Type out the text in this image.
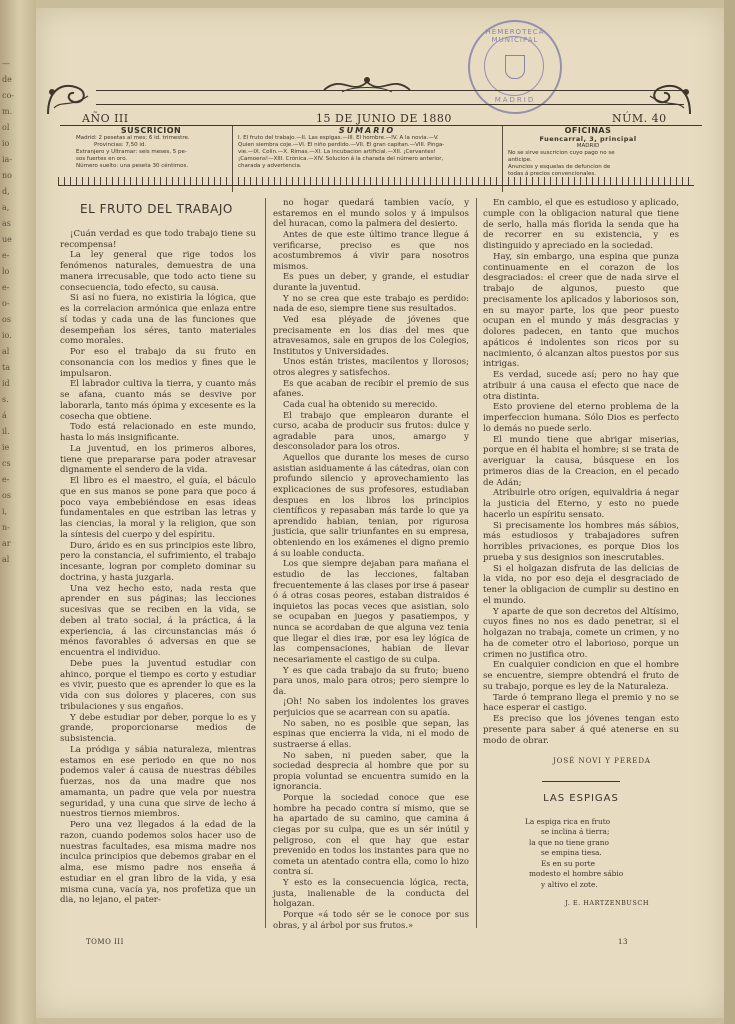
—
de
co-
m.
ol
io
ia-
no
d,
a,
as
ue
e-
lo
e-
o-
os
io.
al
ta
id
s.
á
il.
ie
cs
e-
os
i,
n-
ar
al
HEMEROTECA MUNICIPAL
MADRID
AÑO III	15 DE JUNIO DE 1880	NÚM. 40
SUSCRICION

Madrid: 2 pesetas al mes; 6 id. trimestre.

Provincias: 7,50 id.

Extranjero y Ultramar: seis meses, 5 pe-

sos fuertes en oro.

Número suelto: una peseta 30 céntimos.

SUMARIO

I. El fruto del trabajo.—II. Las espigas.—III. El hombre.—IV. A la novia.—V.

Quien siembra coje.—VI. El niño perdido.—VII. El gran capitan.—VIII. Pinga-

vie.—IX. Colin.—X. Rimas.—XI. La incubacion artificial.—XII. ¡Cervantes!

¡Camoens!—XIII. Crónica.—XIV. Solucion á la charada del número anterior,

charada y advertencia.

OFICINAS
Fuencarral, 3, principal

MADRID

No se sirve suscricion cuyo pago no se

anticipe.

Anuncios y esquelas de defuncion de

todas á precios convencionales.

EL FRUTO DEL TRABAJO

¡Cuán verdad es que todo trabajo tiene su recompensa!

La ley general que rige todos los fenómenos naturales, demuestra de una manera irrecusable, que todo acto tiene su consecuencia, todo efecto, su causa.

Si así no fuera, no existiria la lógica, que es la correlacion armónica que enlaza entre sí todas y cada una de las funciones que desempeñan los séres, tanto materiales como morales.

Por eso el trabajo da su fruto en consonancia con los medios y fines que le impulsaron.

El labrador cultiva la tierra, y cuanto más se afana, cuanto más se desvive por laborarla, tanto más ópima y excesente es la cosecha que obtiene.

Todo está relacionado en este mundo, hasta lo más insignificante.

La juventud, en los primeros albores, tiene que prepararse para poder atravesar dignamente el sendero de la vida.

El libro es el maestro, el guía, el báculo que en sus manos se pone para que poco á poco vaya embebiéndose en esas ideas fundamentales en que estriban las letras y las ciencias, la moral y la religion, que son la síntesis del cuerpo y del espíritu.

Duro, árido es en sus principios este libro, pero la constancia, el sufrimiento, el trabajo incesante, logran por completo dominar su doctrina, y hasta juzgarla.

Una vez hecho esto, nada resta que aprender en sus páginas; las lecciones sucesivas que se reciben en la vida, se deben al trato social, á la práctica, á la experiencia, á las circunstancias más ó ménos favorables ó adversas en que se encuentra el individuo.

Debe pues la juventud estudiar con ahinco, porque el tiempo es corto y estudiar es vivir, puesto que es aprender lo que es la vida con sus dolores y placeres, con sus tribulaciones y sus engaños.

Y debe estudiar por deber, porque lo es y grande, proporcionarse medios de subsistencia.

La pródiga y sábia naturaleza, mientras estamos en ese periodo en que no nos podemos valer á causa de nuestras débiles fuerzas, nos da una madre que nos amamanta, un padre que vela por nuestra seguridad, y una cuna que sirve de lecho á nuestros tiernos miembros.

Pero una vez llegados á la edad de la razon, cuando podemos solos hacer uso de nuestras facultades, esa misma madre nos inculca principios que debemos grabar en el alma, ese mismo padre nos enseña á estudiar en el gran libro de la vida, y esa misma cuna, vacía ya, nos profetiza que un dia, no lejano, el pater-

no hogar quedará tambien vacío, y estaremos en el mundo solos y á impulsos del huracan, como la palmera del desierto.

Antes de que este último trance llegue á verificarse, preciso es que nos acostumbremos á vivir para nosotros mismos.

Es pues un deber, y grande, el estudiar durante la juventud.

Y no se crea que este trabajo es perdido: nada de eso, siempre tiene sus resultados.

Ved esa pléyade de jóvenes que precisamente en los dias del mes que atravesamos, sale en grupos de los Colegios, Institutos y Universidades.

Unos están tristes, macilentos y llorosos; otros alegres y satisfechos.

Es que acaban de recibir el premio de sus afanes.

Cada cual ha obtenido su merecido.

El trabajo que emplearon durante el curso, acaba de producir sus frutos: dulce y agradable para unos, amargo y desconsolador para los otros.

Aquellos que durante los meses de curso asistian asiduamente á las cátedras, oian con profundo silencio y aprovechamiento las explicaciones de sus profesores, estudiaban despues en los libros los principios científicos y repasaban más tarde lo que ya aprendido habian, tenian, por rigurosa justicia, que salir triunfantes en su empresa, obteniendo en los exámenes el digno premio á su loable conducta.

Los que siempre dejaban para mañana el estudio de las lecciones, faltaban frecuentemente á las clases por irse á pasear ó á otras cosas peores, estaban distraidos é inquietos las pocas veces que asistian, solo se ocupaban en juegos y pasatiempos, y nunca se acordaban de que alguna vez tenia que llegar el dies iræ, por esa ley lógica de las compensaciones, habian de llevar necesariamente el castigo de su culpa.

Y es que cada trabajo da su fruto; bueno para unos, malo para otros; pero siempre lo da.

¡Oh! No saben los indolentes los graves perjuicios que se acarrean con su apatía.

No saben, no es posible que sepan, las espinas que encierra la vida, ni el modo de sustraerse á ellas.

No saben, ni pueden saber, que la sociedad desprecia al hombre que por su propia voluntad se encuentra sumido en la ignorancia.

Porque la sociedad conoce que ese hombre ha pecado contra sí mismo, que se ha apartado de su camino, que camina á ciegas por su culpa, que es un sér inútil y peligroso, con el que hay que estar prevenido en todos los instantes para que no cometa un atentado contra ella, como lo hizo contra sí.

Y esto es la consecuencia lógica, recta, justa, inalienable de la conducta del holgazan.

Porque «á todo sér se le conoce por sus obras, y al árbol por sus frutos.»

En cambio, el que es estudioso y aplicado, cumple con la obligacion natural que tiene de serlo, halla más florida la senda que ha de recorrer en su existencia, y es distinguido y apreciado en la sociedad.

Hay, sin embargo, una espina que punza continuamente en el corazon de los desgraciados: el creer que de nada sirve el trabajo de algunos, puesto que precisamente los aplicados y laboriosos son, en su mayor parte, los que peor puesto ocupan en el mundo y más desgracias y dolores padecen, en tanto que muchos apáticos é indolentes son ricos por su nacimiento, ó alcanzan altos puestos por sus intrigas.

Es verdad, sucede así; pero no hay que atribuir á una causa el efecto que nace de otra distinta.

Esto proviene del eterno problema de la imperfeccion humana. Sólo Dios es perfecto lo demás no puede serlo.

El mundo tiene que abrigar miserias, porque en él habita el hombre; si se trata de averiguar la causa, búsquese en los primeros dias de la Creacion, en el pecado de Adán;

Atribuirle otro orígen, equivaldria á negar la justicia del Eterno, y esto no puede hacerlo un espíritu sensato.

Si precisamente los hombres más sábios, más estudiosos y trabajadores sufren horribles privaciones, es porque Dios los prueba y sus designios son inescrutables.

Si el holgazan disfruta de las delicias de la vida, no por eso deja el desgraciado de tener la obligacion de cumplir su destino en el mundo.

Y aparte de que son decretos del Altísimo, cuyos fines no nos es dado penetrar, si el holgazan no trabaja, comete un crimen, y no ha de cometer otro el laborioso, porque un crimen no justifica otro.

En cualquier condicion en que el hombre se encuentre, siempre obtendrá el fruto de su trabajo, porque es ley de la Naturaleza.

Tarde ó temprano llega el premio y no se hace esperar el castigo.

Es preciso que los jóvenes tengan esto presente para saber á qué atenerse en su modo de obrar.

JOSÉ NOVI Y PEREDA
LAS ESPIGAS

La espiga rica en fruto

se inclina á tierra;

la que no tiene grano

se empina tiesa.

Es en su porte

modesto el hombre sábio

y altivo el zote.

J. E. HARTZENBUSCH
TOMO III	13
